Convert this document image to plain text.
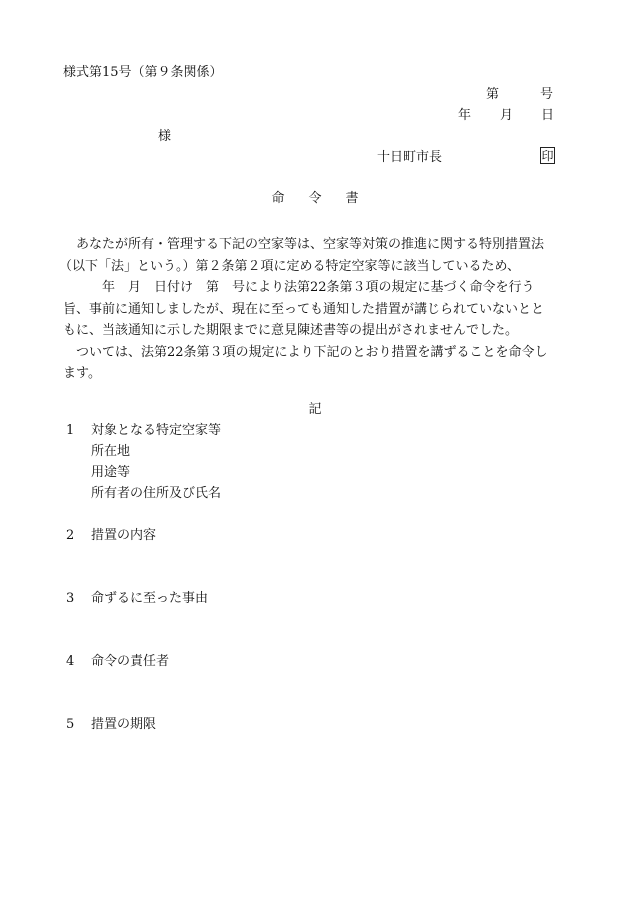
様式第15号（第９条関係）
第	号
年 月 日
様
十日町市長	印
命令書
あなたが所有・管理する下記の空家等は、空家等対策の推進に関する特別措置法
（以下「法」という。）第２条第２項に定める特定空家等に該当しているため、
　　年　月　日付け　第　号により法第22条第３項の規定に基づく命令を行う
旨、事前に通知しましたが、現在に至っても通知した措置が講じられていないとと
もに、当該通知に示した期限までに意見陳述書等の提出がされませんでした。
ついては、法第22条第３項の規定により下記のとおり措置を講ずることを命令し
ます。
記
1 対象となる特定空家等
所在地
用途等
所有者の住所及び氏名
2 措置の内容
3 命ずるに至った事由
4 命令の責任者
5 措置の期限
